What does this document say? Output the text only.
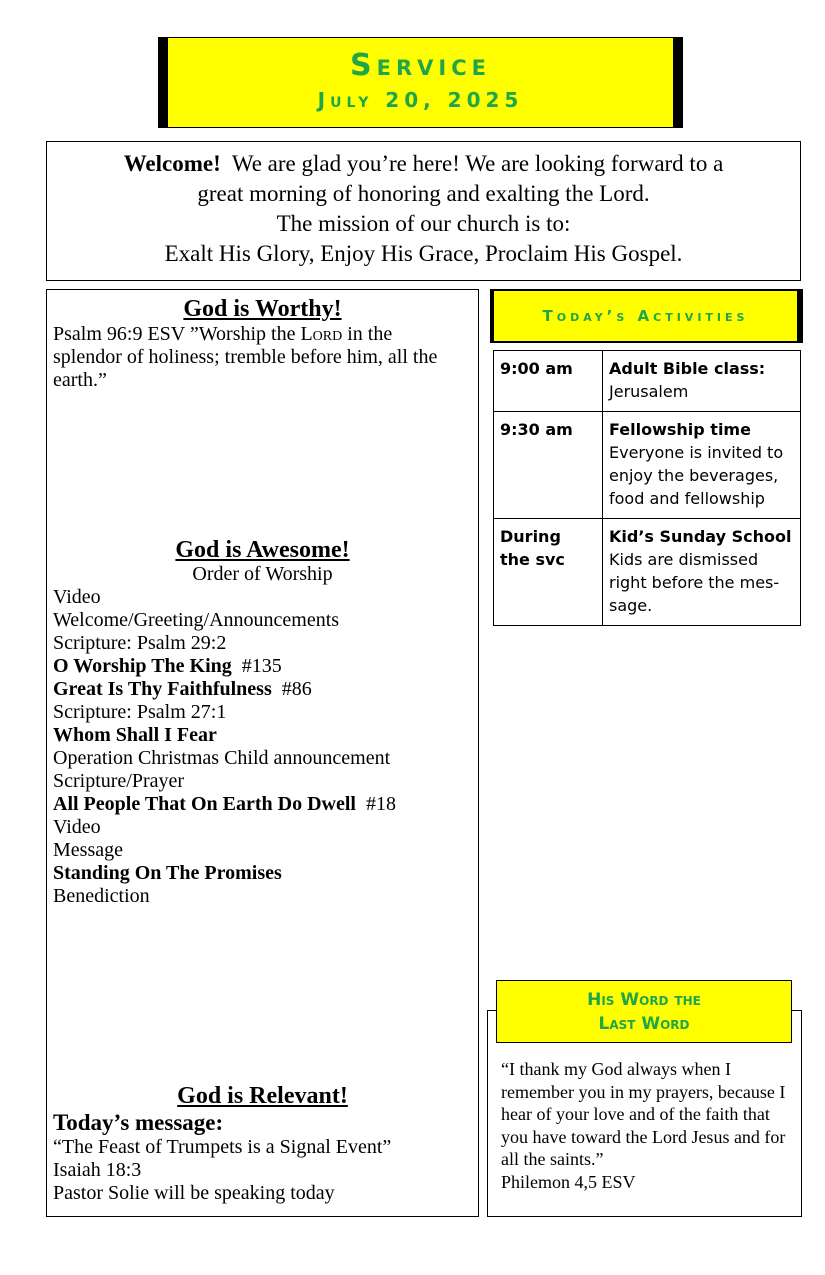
Service
July 20, 2025
Welcome! We are glad you’re here! We are looking forward to a
great morning of honoring and exalting the Lord.
The mission of our church is to:
Exalt His Glory, Enjoy His Grace, Proclaim His Gospel.
God is Worthy!
Psalm 96:9 ESV ”Worship the Lord in the splendor of holiness; tremble before him, all the earth.”
God is Awesome!
Order of Worship
Video
Welcome/Greeting/Announcements
Scripture: Psalm 29:2
O Worship The King  #135
Great Is Thy Faithfulness  #86
Scripture: Psalm 27:1
Whom Shall I Fear
Operation Christmas Child announcement
Scripture/Prayer
All People That On Earth Do Dwell  #18
Video
Message
Standing On The Promises
Benediction
God is Relevant!
Today’s message:
“The Feast of Trumpets is a Signal Event”
Isaiah 18:3
Pastor Solie will be speaking today
Today’s Activities
9:00 am	Adult Bible class:
Jerusalem

9:30 am	Fellowship time
Everyone is invited to enjoy the beverages, food and fellowship

During the svc	Kid’s Sunday School
Kids are dismissed right before the mes-sage.
His Word the
Last Word
“I thank my God always when I remember you in my prayers, because I hear of your love and of the faith that you have toward the Lord Jesus and for all the saints.”
Philemon 4,5 ESV
